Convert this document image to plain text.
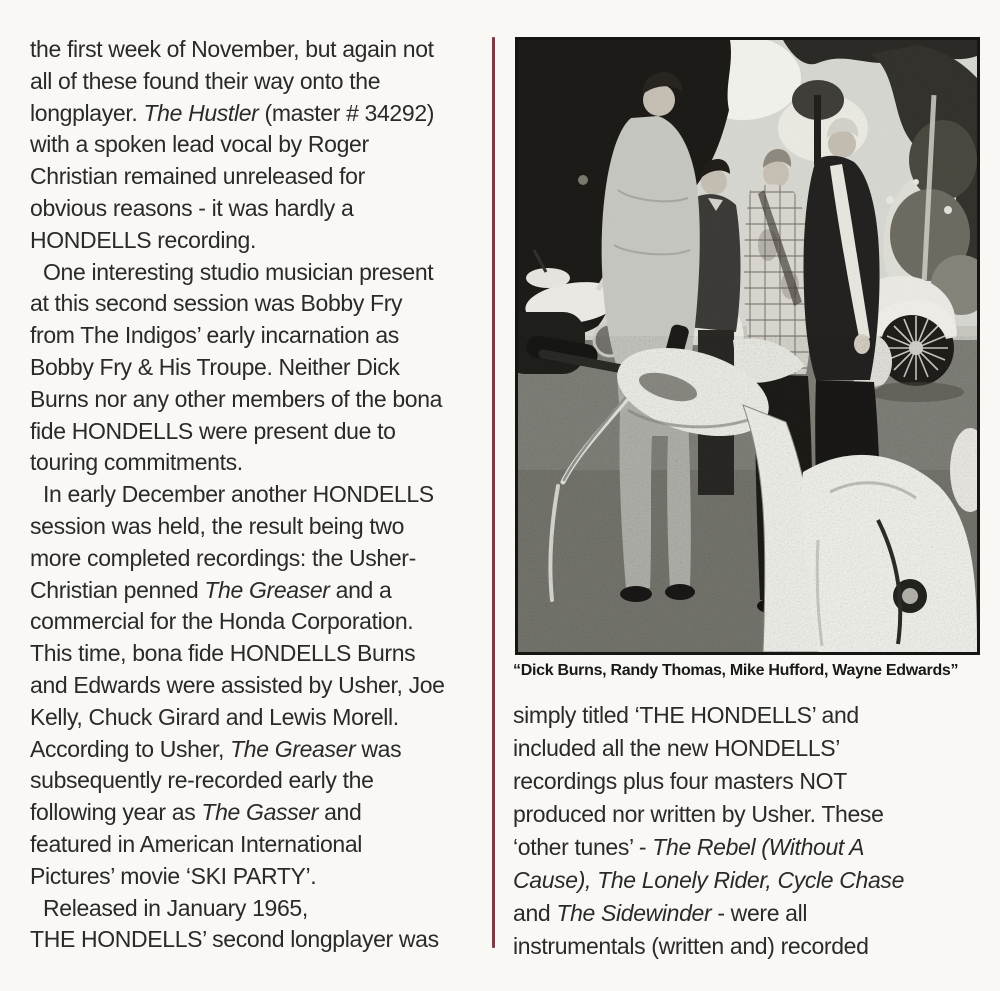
the first week of November, but again not
all of these found their way onto the
longplayer. The Hustler (master # 34292)
with a spoken lead vocal by Roger
Christian remained unreleased for
obvious reasons - it was hardly a
HONDELLS recording.
One interesting studio musician present
at this second session was Bobby Fry
from The Indigos’ early incarnation as
Bobby Fry & His Troupe. Neither Dick
Burns nor any other members of the bona
fide HONDELLS were present due to
touring commitments.
In early December another HONDELLS
session was held, the result being two
more completed recordings: the Usher-
Christian penned The Greaser and a
commercial for the Honda Corporation.
This time, bona fide HONDELLS Burns
and Edwards were assisted by Usher, Joe
Kelly, Chuck Girard and Lewis Morell.
According to Usher, The Greaser was
subsequently re-recorded early the
following year as The Gasser and
featured in American International
Pictures’ movie ‘SKI PARTY’.
Released in January 1965,
THE HONDELLS’ second longplayer was
“Dick Burns, Randy Thomas, Mike Hufford, Wayne Edwards”
simply titled ‘THE HONDELLS’ and
included all the new HONDELLS’
recordings plus four masters NOT
produced nor written by Usher. These
‘other tunes’ - The Rebel (Without A
Cause), The Lonely Rider, Cycle Chase
and The Sidewinder - were all
instrumentals (written and) recorded
